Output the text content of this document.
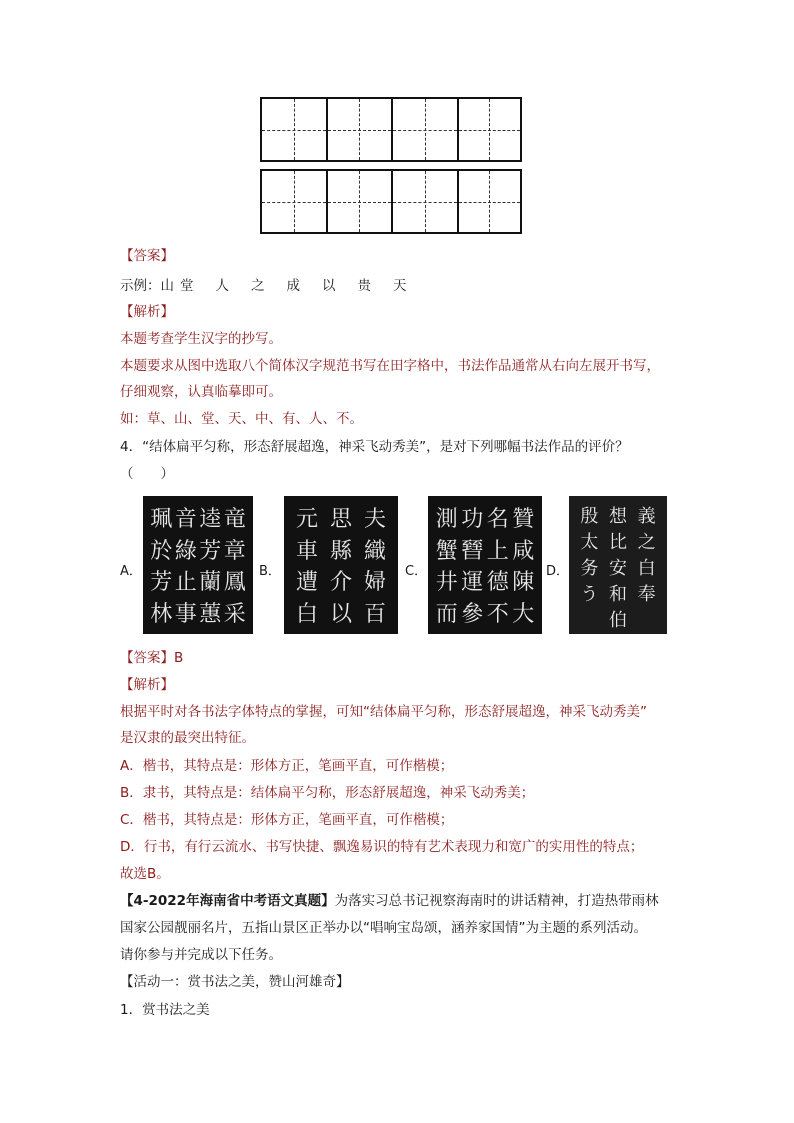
【答案】
示例：山 堂 人 之 成 以 贵 天
【解析】
本题考查学生汉字的抄写。
本题要求从图中选取八个简体汉字规范书写在田字格中，书法作品通常从右向左展开书写，
仔细观察，认真临摹即可。
如：草、山、堂、天、中、有、人、不。
4．“结体扁平匀称，形态舒展超逸，神采飞动秀美”，是对下列哪幅书法作品的评价？
（　　）
A．
竜
章
鳳
采
逵
芳
蘭
蕙
音
綠
止
事
珮
於
芳
林
B．
夫
織
婦
百
思
縣
介
以
元
車
遭
白
C．
贊
咸
陳
大
名
上
德
不
功
㬜
運
參
測
蟹
井
而
D．
義
之
白
奉
想
比
安
和
伯
殷
太
务
う
【答案】B
【解析】
根据平时对各书法字体特点的掌握，可知“结体扁平匀称，形态舒展超逸，神采飞动秀美”
是汉隶的最突出特征。
A．楷书，其特点是：形体方正，笔画平直，可作楷模；
B．隶书，其特点是：结体扁平匀称，形态舒展超逸，神采飞动秀美；
C．楷书，其特点是：形体方正，笔画平直，可作楷模；
D．行书，有行云流水、书写快捷、飘逸易识的特有艺术表现力和宽广的实用性的特点；
故选B。
【4-2022年海南省中考语文真题】为落实习总书记视察海南时的讲话精神，打造热带雨林
国家公园靓丽名片，五指山景区正举办以“唱响宝岛颂，涵养家国情”为主题的系列活动。
请你参与并完成以下任务。
【活动一：赏书法之美，赞山河雄奇】
1．赏书法之美
